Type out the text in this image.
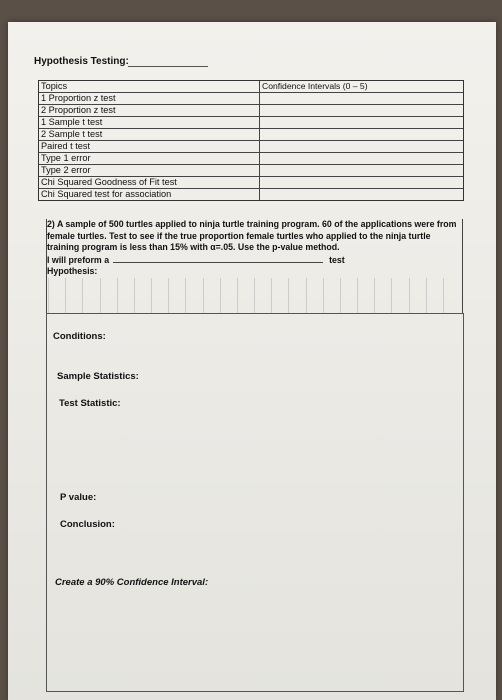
Hypothesis Testing:
Topics	Confidence Intervals (0 – 5)
1 Proportion z test
2 Proportion z test
1 Sample t test
2 Sample t test
Paired t test
Type 1 error
Type 2 error
Chi Squared Goodness of Fit test
Chi Squared test for association
2) A sample of 500 turtles applied to ninja turtle training program. 60 of the applications were from female turtles. Test to see if the true proportion female turtles who applied to the ninja turtle training program is less than 15% with α=.05. Use the p-value method.
I will preform a	test
Hypothesis:
Conditions:
Sample Statistics:
Test Statistic:
P value:
Conclusion:
Create a 90% Confidence Interval:
